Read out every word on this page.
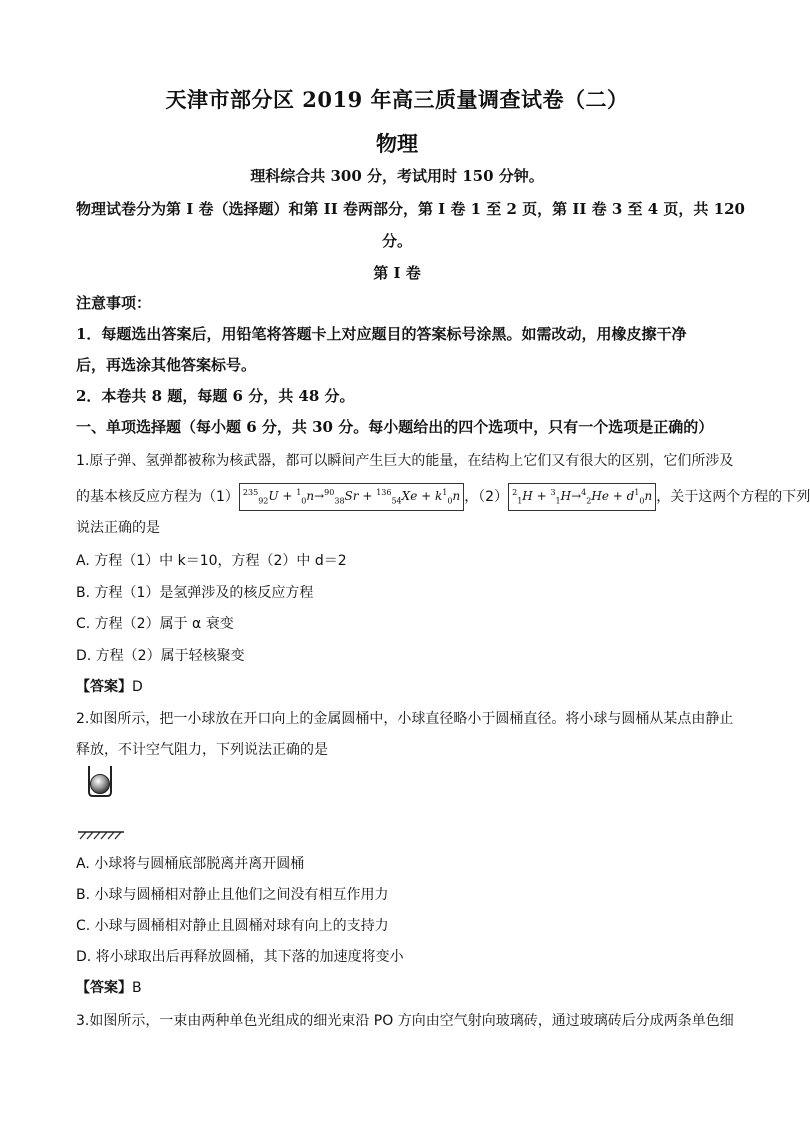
天津市部分区 2019 年高三质量调查试卷（二）
物理
理科综合共 300 分，考试用时 150 分钟。
物理试卷分为第 I 卷（选择题）和第 II 卷两部分，第 I 卷 1 至 2 页，第 II 卷 3 至 4 页，共 120
分。
第 I 卷
注意事项：
1．每题选出答案后，用铅笔将答题卡上对应题目的答案标号涂黑。如需改动，用橡皮擦干净
后，再选涂其他答案标号。
2．本卷共 8 题，每题 6 分，共 48 分。
一、单项选择题（每小题 6 分，共 30 分。每小题给出的四个选项中，只有一个选项是正确的）
1.原子弹、氢弹都被称为核武器，都可以瞬间产生巨大的能量，在结构上它们又有很大的区别，它们所涉及
的基本核反应方程为（1） $^{235}_{92}U + ^1_0n\to^{90}_{38}Sr + ^{136}_{54}Xe + k^1_0n$ ，（2） $^2_1H + ^3_1H\to^4_2He + d^1_0n$ ，关于这两个方程的下列
说法正确的是
A. 方程（1）中 k＝10，方程（2）中 d＝2
B. 方程（1）是氢弹涉及的核反应方程
C. 方程（2）属于 α 衰变
D. 方程（2）属于轻核聚变
【答案】D
2.如图所示，把一小球放在开口向上的金属圆桶中，小球直径略小于圆桶直径。将小球与圆桶从某点由静止
释放，不计空气阻力，下列说法正确的是
A. 小球将与圆桶底部脱离并离开圆桶
B. 小球与圆桶相对静止且他们之间没有相互作用力
C. 小球与圆桶相对静止且圆桶对球有向上的支持力
D. 将小球取出后再释放圆桶，其下落的加速度将变小
【答案】B
3.如图所示，一束由两种单色光组成的细光束沿 PO 方向由空气射向玻璃砖，通过玻璃砖后分成两条单色细
